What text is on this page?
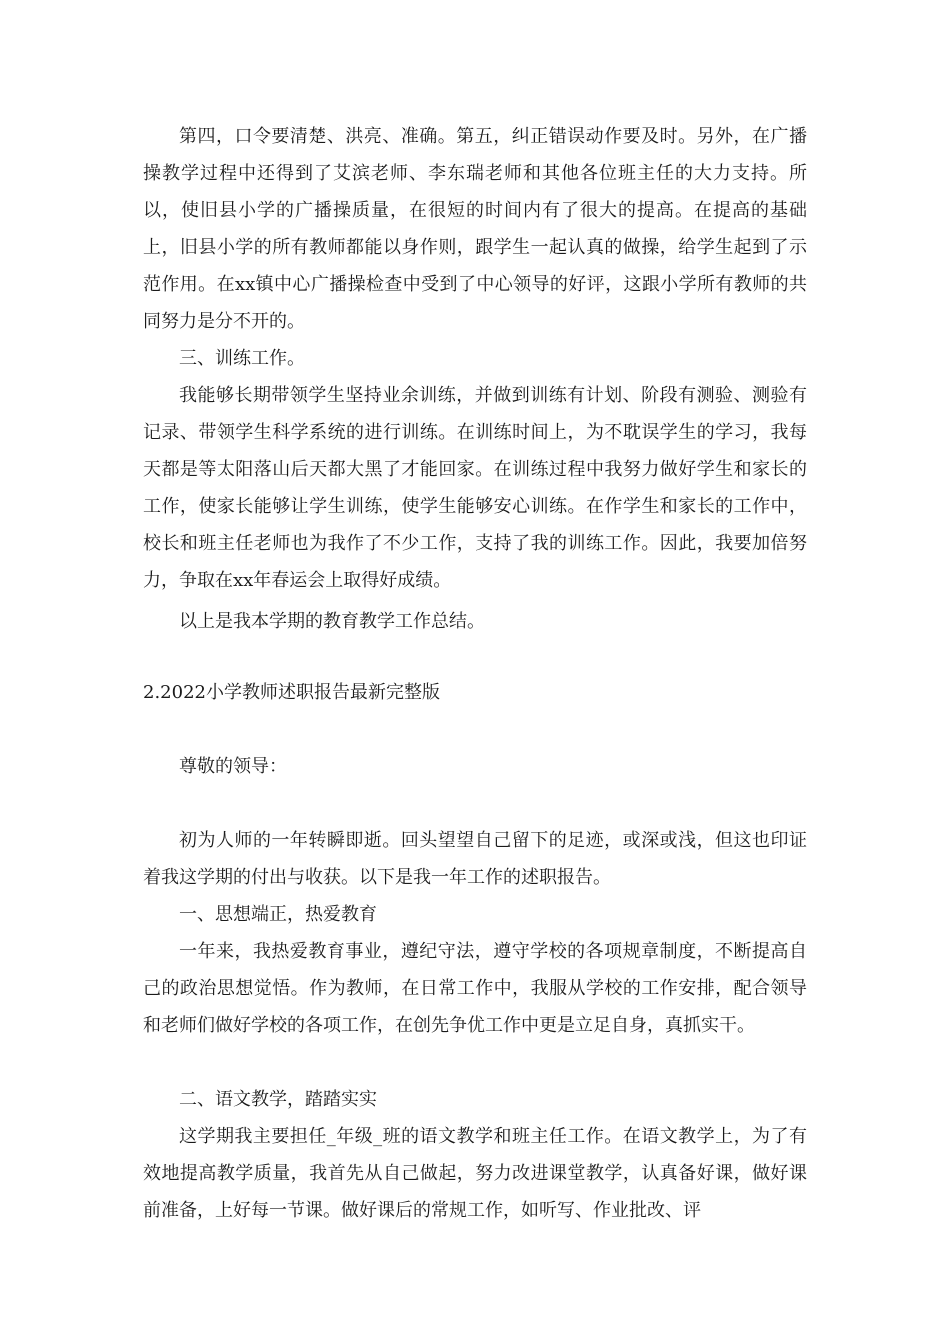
第四，口令要清楚、洪亮、准确。第五，纠正错误动作要及时。另外，在广播操教学过程中还得到了艾滨老师、李东瑞老师和其他各位班主任的大力支持。所以，使旧县小学的广播操质量，在很短的时间内有了很大的提高。在提高的基础上，旧县小学的所有教师都能以身作则，跟学生一起认真的做操，给学生起到了示范作用。在xx镇中心广播操检查中受到了中心领导的好评，这跟小学所有教师的共同努力是分不开的。

三、训练工作。

我能够长期带领学生坚持业余训练，并做到训练有计划、阶段有测验、测验有记录、带领学生科学系统的进行训练。在训练时间上，为不耽误学生的学习，我每天都是等太阳落山后天都大黑了才能回家。在训练过程中我努力做好学生和家长的工作，使家长能够让学生训练，使学生能够安心训练。在作学生和家长的工作中，校长和班主任老师也为我作了不少工作，支持了我的训练工作。因此，我要加倍努力，争取在xx年春运会上取得好成绩。

以上是我本学期的教育教学工作总结。

2.2022小学教师述职报告最新完整版

尊敬的领导：

初为人师的一年转瞬即逝。回头望望自己留下的足迹，或深或浅，但这也印证着我这学期的付出与收获。以下是我一年工作的述职报告。

一、思想端正，热爱教育

一年来，我热爱教育事业，遵纪守法，遵守学校的各项规章制度，不断提高自己的政治思想觉悟。作为教师，在日常工作中，我服从学校的工作安排，配合领导和老师们做好学校的各项工作，在创先争优工作中更是立足自身，真抓实干。

二、语文教学，踏踏实实

这学期我主要担任_年级_班的语文教学和班主任工作。在语文教学上，为了有效地提高教学质量，我首先从自己做起，努力改进课堂教学，认真备好课，做好课前准备，上好每一节课。做好课后的常规工作，如听写、作业批改、评
